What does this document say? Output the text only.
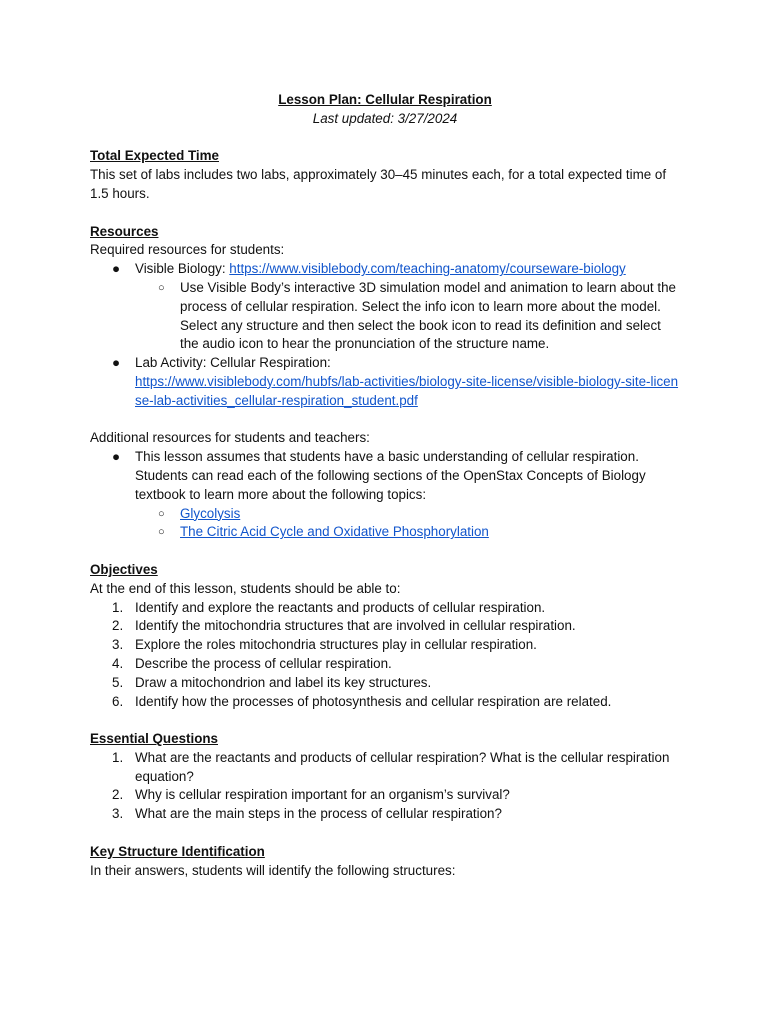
Lesson Plan: Cellular Respiration

Last updated: 3/27/2024

Total Expected Time

This set of labs includes two labs, approximately 30–45 minutes each, for a total expected time of 1.5 hours.

Resources

Required resources for students:

● Visible Biology: https://www.visiblebody.com/teaching-anatomy/courseware-biology
○ Use Visible Body’s interactive 3D simulation model and animation to learn about the process of cellular respiration. Select the info icon to learn more about the model. Select any structure and then select the book icon to read its definition and select the audio icon to hear the pronunciation of the structure name.
● Lab Activity: Cellular Respiration:
https://www.visiblebody.com/hubfs/lab-activities/biology-site-license/visible-biology-site-license-lab-activities_cellular-respiration_student.pdf

Additional resources for students and teachers:

● This lesson assumes that students have a basic understanding of cellular respiration. Students can read each of the following sections of the OpenStax Concepts of Biology textbook to learn more about the following topics:
○ Glycolysis
○ The Citric Acid Cycle and Oxidative Phosphorylation

Objectives

At the end of this lesson, students should be able to:

1. Identify and explore the reactants and products of cellular respiration.
2. Identify the mitochondria structures that are involved in cellular respiration.
3. Explore the roles mitochondria structures play in cellular respiration.
4. Describe the process of cellular respiration.
5. Draw a mitochondrion and label its key structures.
6. Identify how the processes of photosynthesis and cellular respiration are related.

Essential Questions

1. What are the reactants and products of cellular respiration? What is the cellular respiration equation?
2. Why is cellular respiration important for an organism’s survival?
3. What are the main steps in the process of cellular respiration?

Key Structure Identification

In their answers, students will identify the following structures:
